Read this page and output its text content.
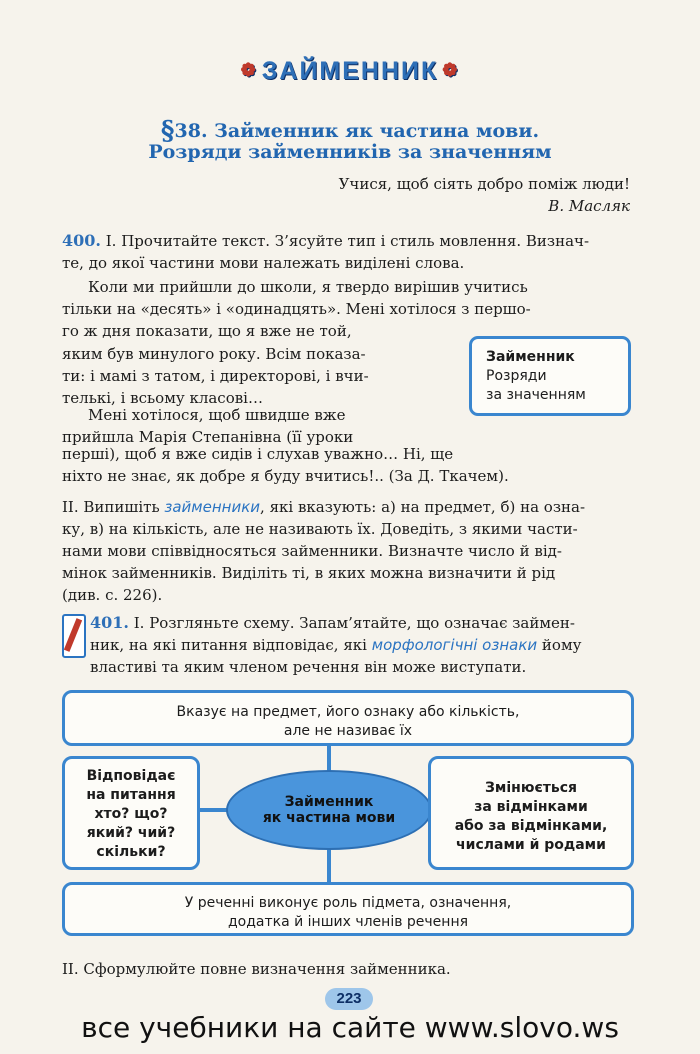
❁ ЗАЙМЕННИК ❁
§38. Займенник як частина мови.
Розряди займенників за значенням
Учися, щоб сіять добро поміж люди!
В. Масляк
400. І. Прочитайте текст. З’ясуйте тип і стиль мовлення. Визнач-
те, до якої частини мови належать виділені слова.
Коли ми прийшли до школи, я твердо вирішив учитись
тільки на «десять» і «одинадцять». Мені хотілося з першо-
го ж дня показати, що я вже не той,
яким був минулого року. Всім показа-
ти: і мамі з татом, і директорові, і вчи-
телькі, і всьому класові…
Мені хотілося, щоб швидше вже
прийшла Марія Степанівна (її уроки
перші), щоб я вже сидів і слухав уважно… Ні, ще
ніхто не знає, як добре я буду вчитись!.. (За Д. Ткачем).
Займенник
Розряди
за значенням
ІІ. Випишіть займенники, які вказують: а) на предмет, б) на озна-
ку, в) на кількість, але не називають їх. Доведіть, з якими части-
нами мови співвідносяться займенники. Визначте число й від-
мінок займенників. Виділіть ті, в яких можна визначити й рід
(див. с. 226).
401. І. Розгляньте схему. Запам’ятайте, що означає займен-
ник, на які питання відповідає, які морфологічні ознаки йому
властиві та яким членом речення він може виступати.
Вказує на предмет, його ознаку або кількість,
але не називає їх
Відповідає
на питання
хто? що?
який? чий?
скільки?
Займенник
як частина мови
Змінюється
за відмінками
або за відмінками,
числами й родами
У реченні виконує роль підмета, означення,
додатка й інших членів речення
ІІ. Сформулюйте повне визначення займенника.
223
все учебники на сайте www.slovo.ws
